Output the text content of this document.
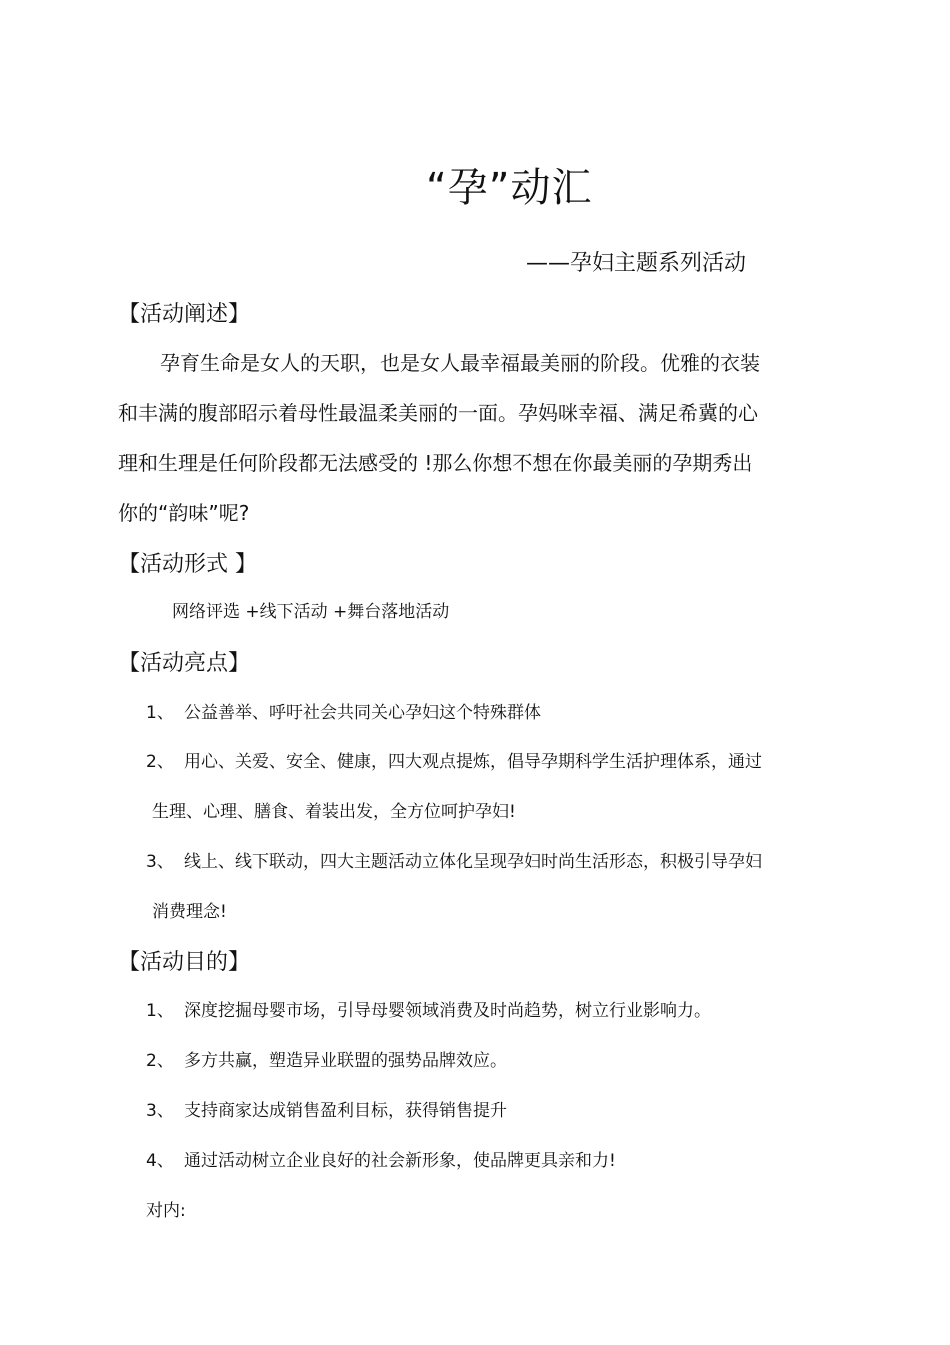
“孕”动汇
——孕妇主题系列活动
【活动阐述】
孕育生命是女人的天职，也是女人最幸福最美丽的阶段。优雅的衣装
和丰满的腹部昭示着母性最温柔美丽的一面。孕妈咪幸福、满足希冀的心
理和生理是任何阶段都无法感受的 !那么你想不想在你最美丽的孕期秀出
你的“韵味”呢?
【活动形式 】
网络评选 +线下活动 +舞台落地活动
【活动亮点】
1、 公益善举、呼吁社会共同关心孕妇这个特殊群体
2、 用心、关爱、安全、健康，四大观点提炼，倡导孕期科学生活护理体系，通过
生理、心理、膳食、着装出发，全方位呵护孕妇!
3、 线上、线下联动，四大主题活动立体化呈现孕妇时尚生活形态，积极引导孕妇
消费理念!
【活动目的】
1、 深度挖掘母婴市场，引导母婴领域消费及时尚趋势，树立行业影响力。
2、 多方共赢，塑造异业联盟的强势品牌效应。
3、 支持商家达成销售盈利目标，获得销售提升
4、 通过活动树立企业良好的社会新形象，使品牌更具亲和力!
对内:
